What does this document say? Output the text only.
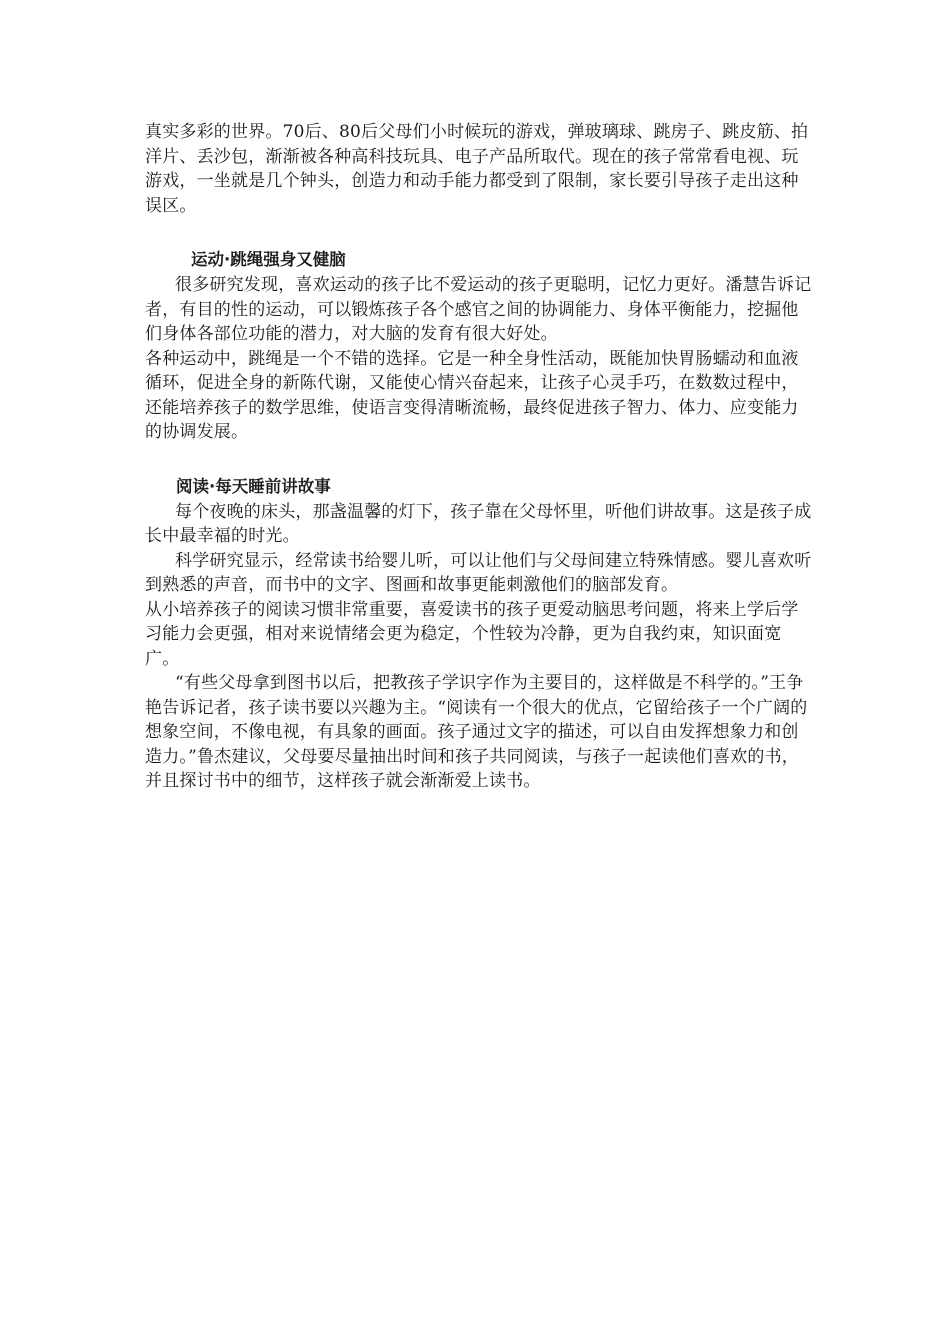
真实多彩的世界。70后、80后父母们小时候玩的游戏，弹玻璃球、跳房子、跳皮筋、拍洋片、丢沙包，渐渐被各种高科技玩具、电子产品所取代。现在的孩子常常看电视、玩游戏，一坐就是几个钟头，创造力和动手能力都受到了限制，家长要引导孩子走出这种误区。

运动·跳绳强身又健脑

很多研究发现，喜欢运动的孩子比不爱运动的孩子更聪明，记忆力更好。潘慧告诉记者，有目的性的运动，可以锻炼孩子各个感官之间的协调能力、身体平衡能力，挖掘他们身体各部位功能的潜力，对大脑的发育有很大好处。

各种运动中，跳绳是一个不错的选择。它是一种全身性活动，既能加快胃肠蠕动和血液循环，促进全身的新陈代谢，又能使心情兴奋起来，让孩子心灵手巧，在数数过程中，还能培养孩子的数学思维，使语言变得清晰流畅，最终促进孩子智力、体力、应变能力的协调发展。

阅读·每天睡前讲故事

每个夜晚的床头，那盏温馨的灯下，孩子靠在父母怀里，听他们讲故事。这是孩子成长中最幸福的时光。

科学研究显示，经常读书给婴儿听，可以让他们与父母间建立特殊情感。婴儿喜欢听到熟悉的声音，而书中的文字、图画和故事更能刺激他们的脑部发育。

从小培养孩子的阅读习惯非常重要，喜爱读书的孩子更爱动脑思考问题，将来上学后学习能力会更强，相对来说情绪会更为稳定，个性较为冷静，更为自我约束，知识面宽广。

“有些父母拿到图书以后，把教孩子学识字作为主要目的，这样做是不科学的。”王争艳告诉记者，孩子读书要以兴趣为主。“阅读有一个很大的优点，它留给孩子一个广阔的想象空间，不像电视，有具象的画面。孩子通过文字的描述，可以自由发挥想象力和创造力。”鲁杰建议，父母要尽量抽出时间和孩子共同阅读，与孩子一起读他们喜欢的书，并且探讨书中的细节，这样孩子就会渐渐爱上读书。
